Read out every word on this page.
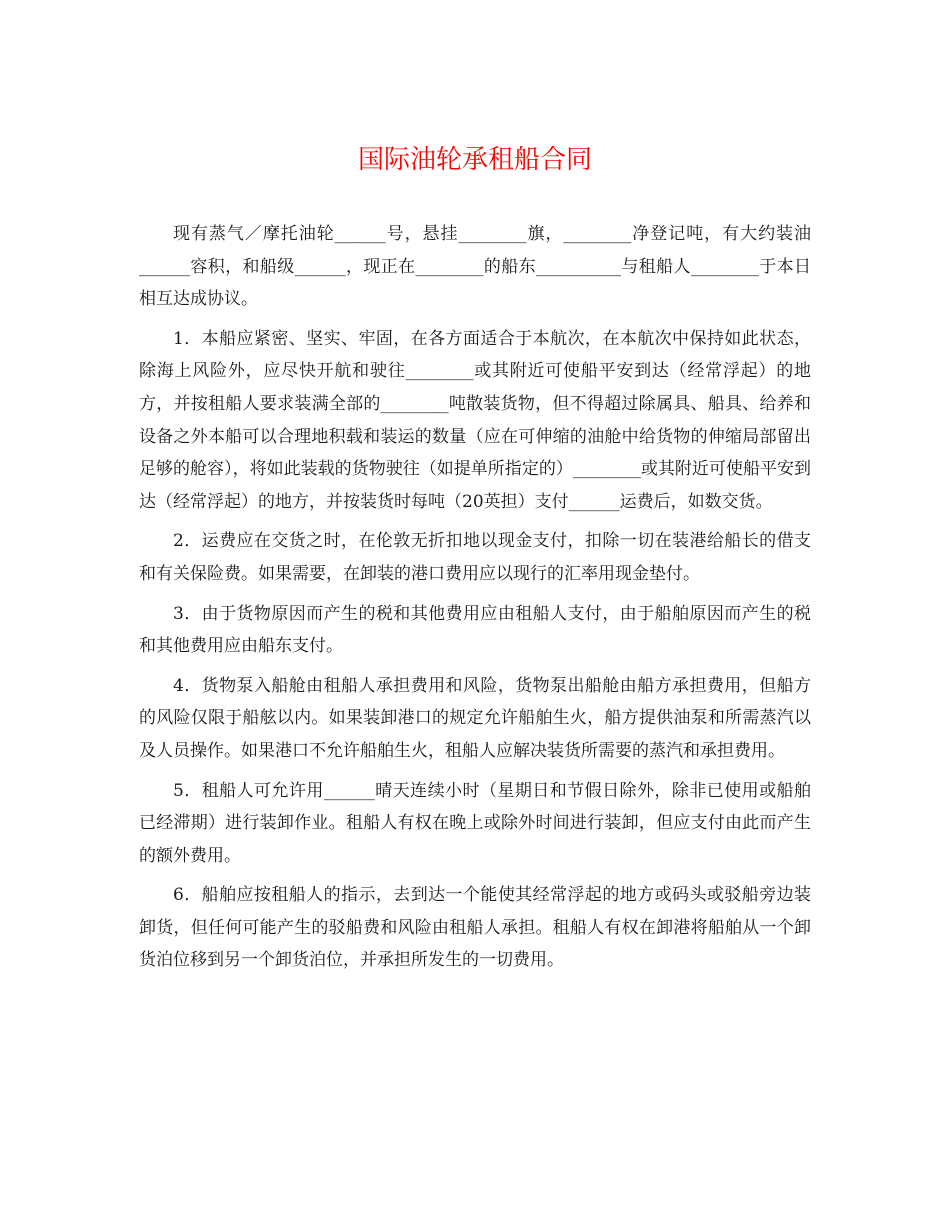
国际油轮承租船合同

现有蒸气／摩托油轮______号，悬挂________旗，________净登记吨，有大约装油______容积，和船级______，现正在________的船东__________与租船人________于本日相互达成协议。

1．本船应紧密、坚实、牢固，在各方面适合于本航次，在本航次中保持如此状态，除海上风险外，应尽快开航和驶往________或其附近可使船平安到达（经常浮起）的地方，并按租船人要求装满全部的________吨散装货物，但不得超过除属具、船具、给养和设备之外本船可以合理地积载和装运的数量（应在可伸缩的油舱中给货物的伸缩局部留出足够的舱容），将如此装载的货物驶往（如提单所指定的）________或其附近可使船平安到达（经常浮起）的地方，并按装货时每吨（20英担）支付______运费后，如数交货。

2．运费应在交货之时，在伦敦无折扣地以现金支付，扣除一切在装港给船长的借支和有关保险费。如果需要，在卸装的港口费用应以现行的汇率用现金垫付。

3．由于货物原因而产生的税和其他费用应由租船人支付，由于船舶原因而产生的税和其他费用应由船东支付。

4．货物泵入船舱由租船人承担费用和风险，货物泵出船舱由船方承担费用，但船方的风险仅限于船舷以内。如果装卸港口的规定允许船舶生火，船方提供油泵和所需蒸汽以及人员操作。如果港口不允许船舶生火，租船人应解决装货所需要的蒸汽和承担费用。

5．租船人可允许用______晴天连续小时（星期日和节假日除外，除非已使用或船舶已经滞期）进行装卸作业。租船人有权在晚上或除外时间进行装卸，但应支付由此而产生的额外费用。

6．船舶应按租船人的指示，去到达一个能使其经常浮起的地方或码头或驳船旁边装卸货，但任何可能产生的驳船费和风险由租船人承担。租船人有权在卸港将船舶从一个卸货泊位移到另一个卸货泊位，并承担所发生的一切费用。
